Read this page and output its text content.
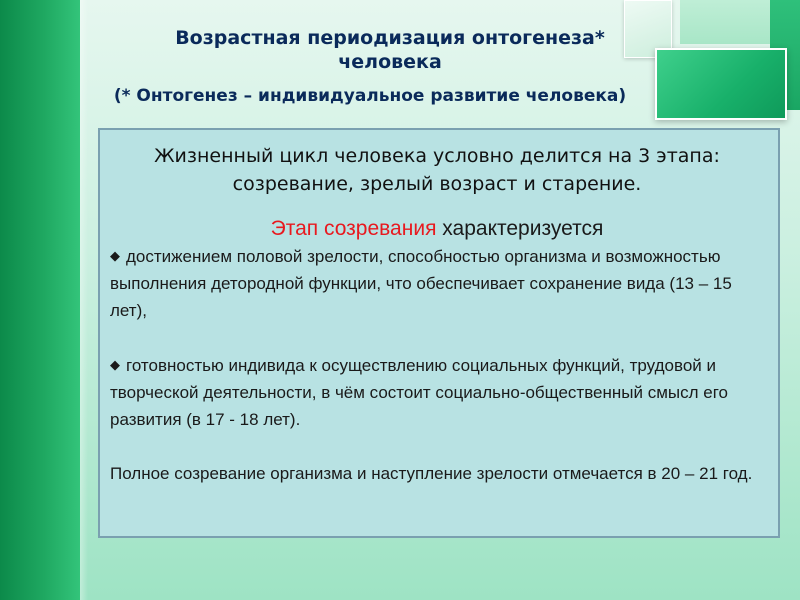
Возрастная периодизация онтогенеза*
человека
(* Онтогенез – индивидуальное развитие человека)
Жизненный цикл человека условно делится на 3 этапа: созревание, зрелый возраст и старение.
Этап созревания характеризуется

◆ достижением половой зрелости, способностью организма и возможностью выполнения детородной функции, что обеспечивает сохранение вида (13 – 15 лет),

◆ готовностью индивида к осуществлению социальных функций, трудовой и творческой деятельности, в чём состоит социально-общественный смысл его развития (в 17 - 18 лет).

Полное созревание организма и наступление зрелости отмечается в 20 – 21 год.
